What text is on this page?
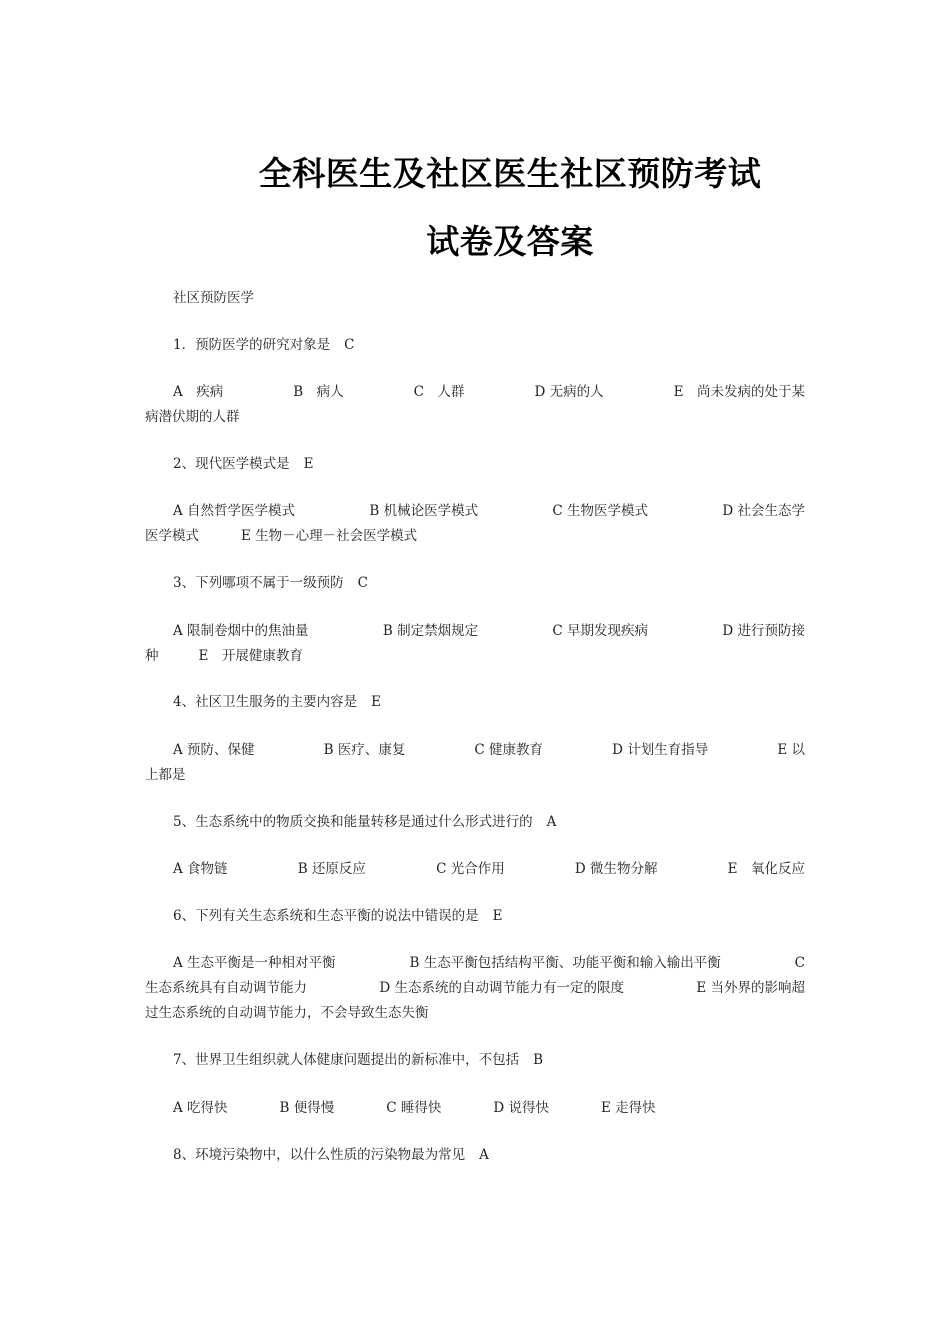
全科医生及社区医生社区预防考试
试卷及答案
社区预防医学
1．预防医学的研究对象是 C
A　疾病	B　病人	C　人群	D 无病的人	E　尚未发病的处于某
病潜伏期的人群
2、现代医学模式是 E
A 自然哲学医学模式	B 机械论医学模式	C 生物医学模式	D 社会生态学
医学模式	E 生物－心理－社会医学模式
3、下列哪项不属于一级预防 C
A 限制卷烟中的焦油量	B 制定禁烟规定	C 早期发现疾病	D 进行预防接
种	E　开展健康教育
4、社区卫生服务的主要内容是 E
A 预防、保健	B 医疗、康复	C 健康教育	D 计划生育指导	E 以
上都是
5、生态系统中的物质交换和能量转移是通过什么形式进行的 A
A 食物链	B 还原反应	C 光合作用	D 微生物分解	E　氧化反应
6、下列有关生态系统和生态平衡的说法中错误的是 E
A 生态平衡是一种相对平衡	B 生态平衡包括结构平衡、功能平衡和输入输出平衡	C
生态系统具有自动调节能力	D 生态系统的自动调节能力有一定的限度	E 当外界的影响超
过生态系统的自动调节能力，不会导致生态失衡
7、世界卫生组织就人体健康问题提出的新标准中，不包括 B
A 吃得快	B 便得慢	C 睡得快	D 说得快	E 走得快
8、环境污染物中，以什么性质的污染物最为常见 A
